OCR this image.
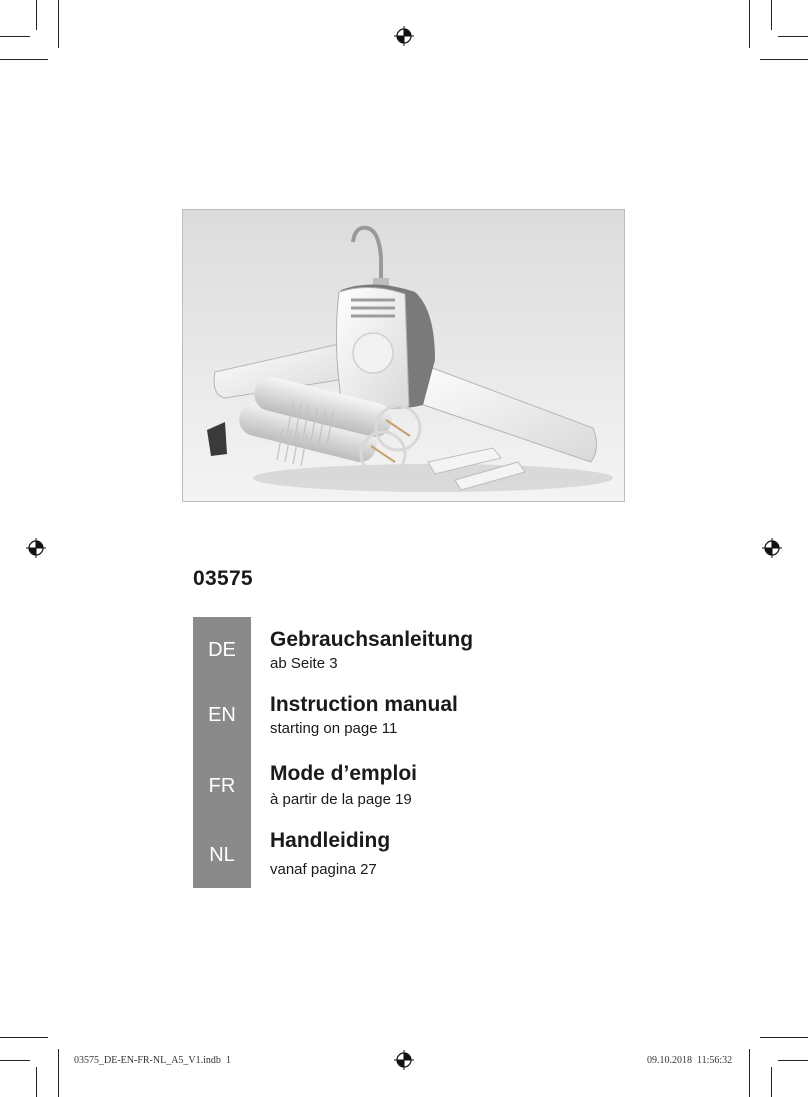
03575
DE
EN
FR
NL
Gebrauchsanleitung
ab Seite 3
Instruction manual
starting on page 11
Mode d’emploi
à partir de la page 19
Handleiding
vanaf pagina 27
03575_DE-EN-FR-NL_A5_V1.indb 1	09.10.2018 11:56:32
